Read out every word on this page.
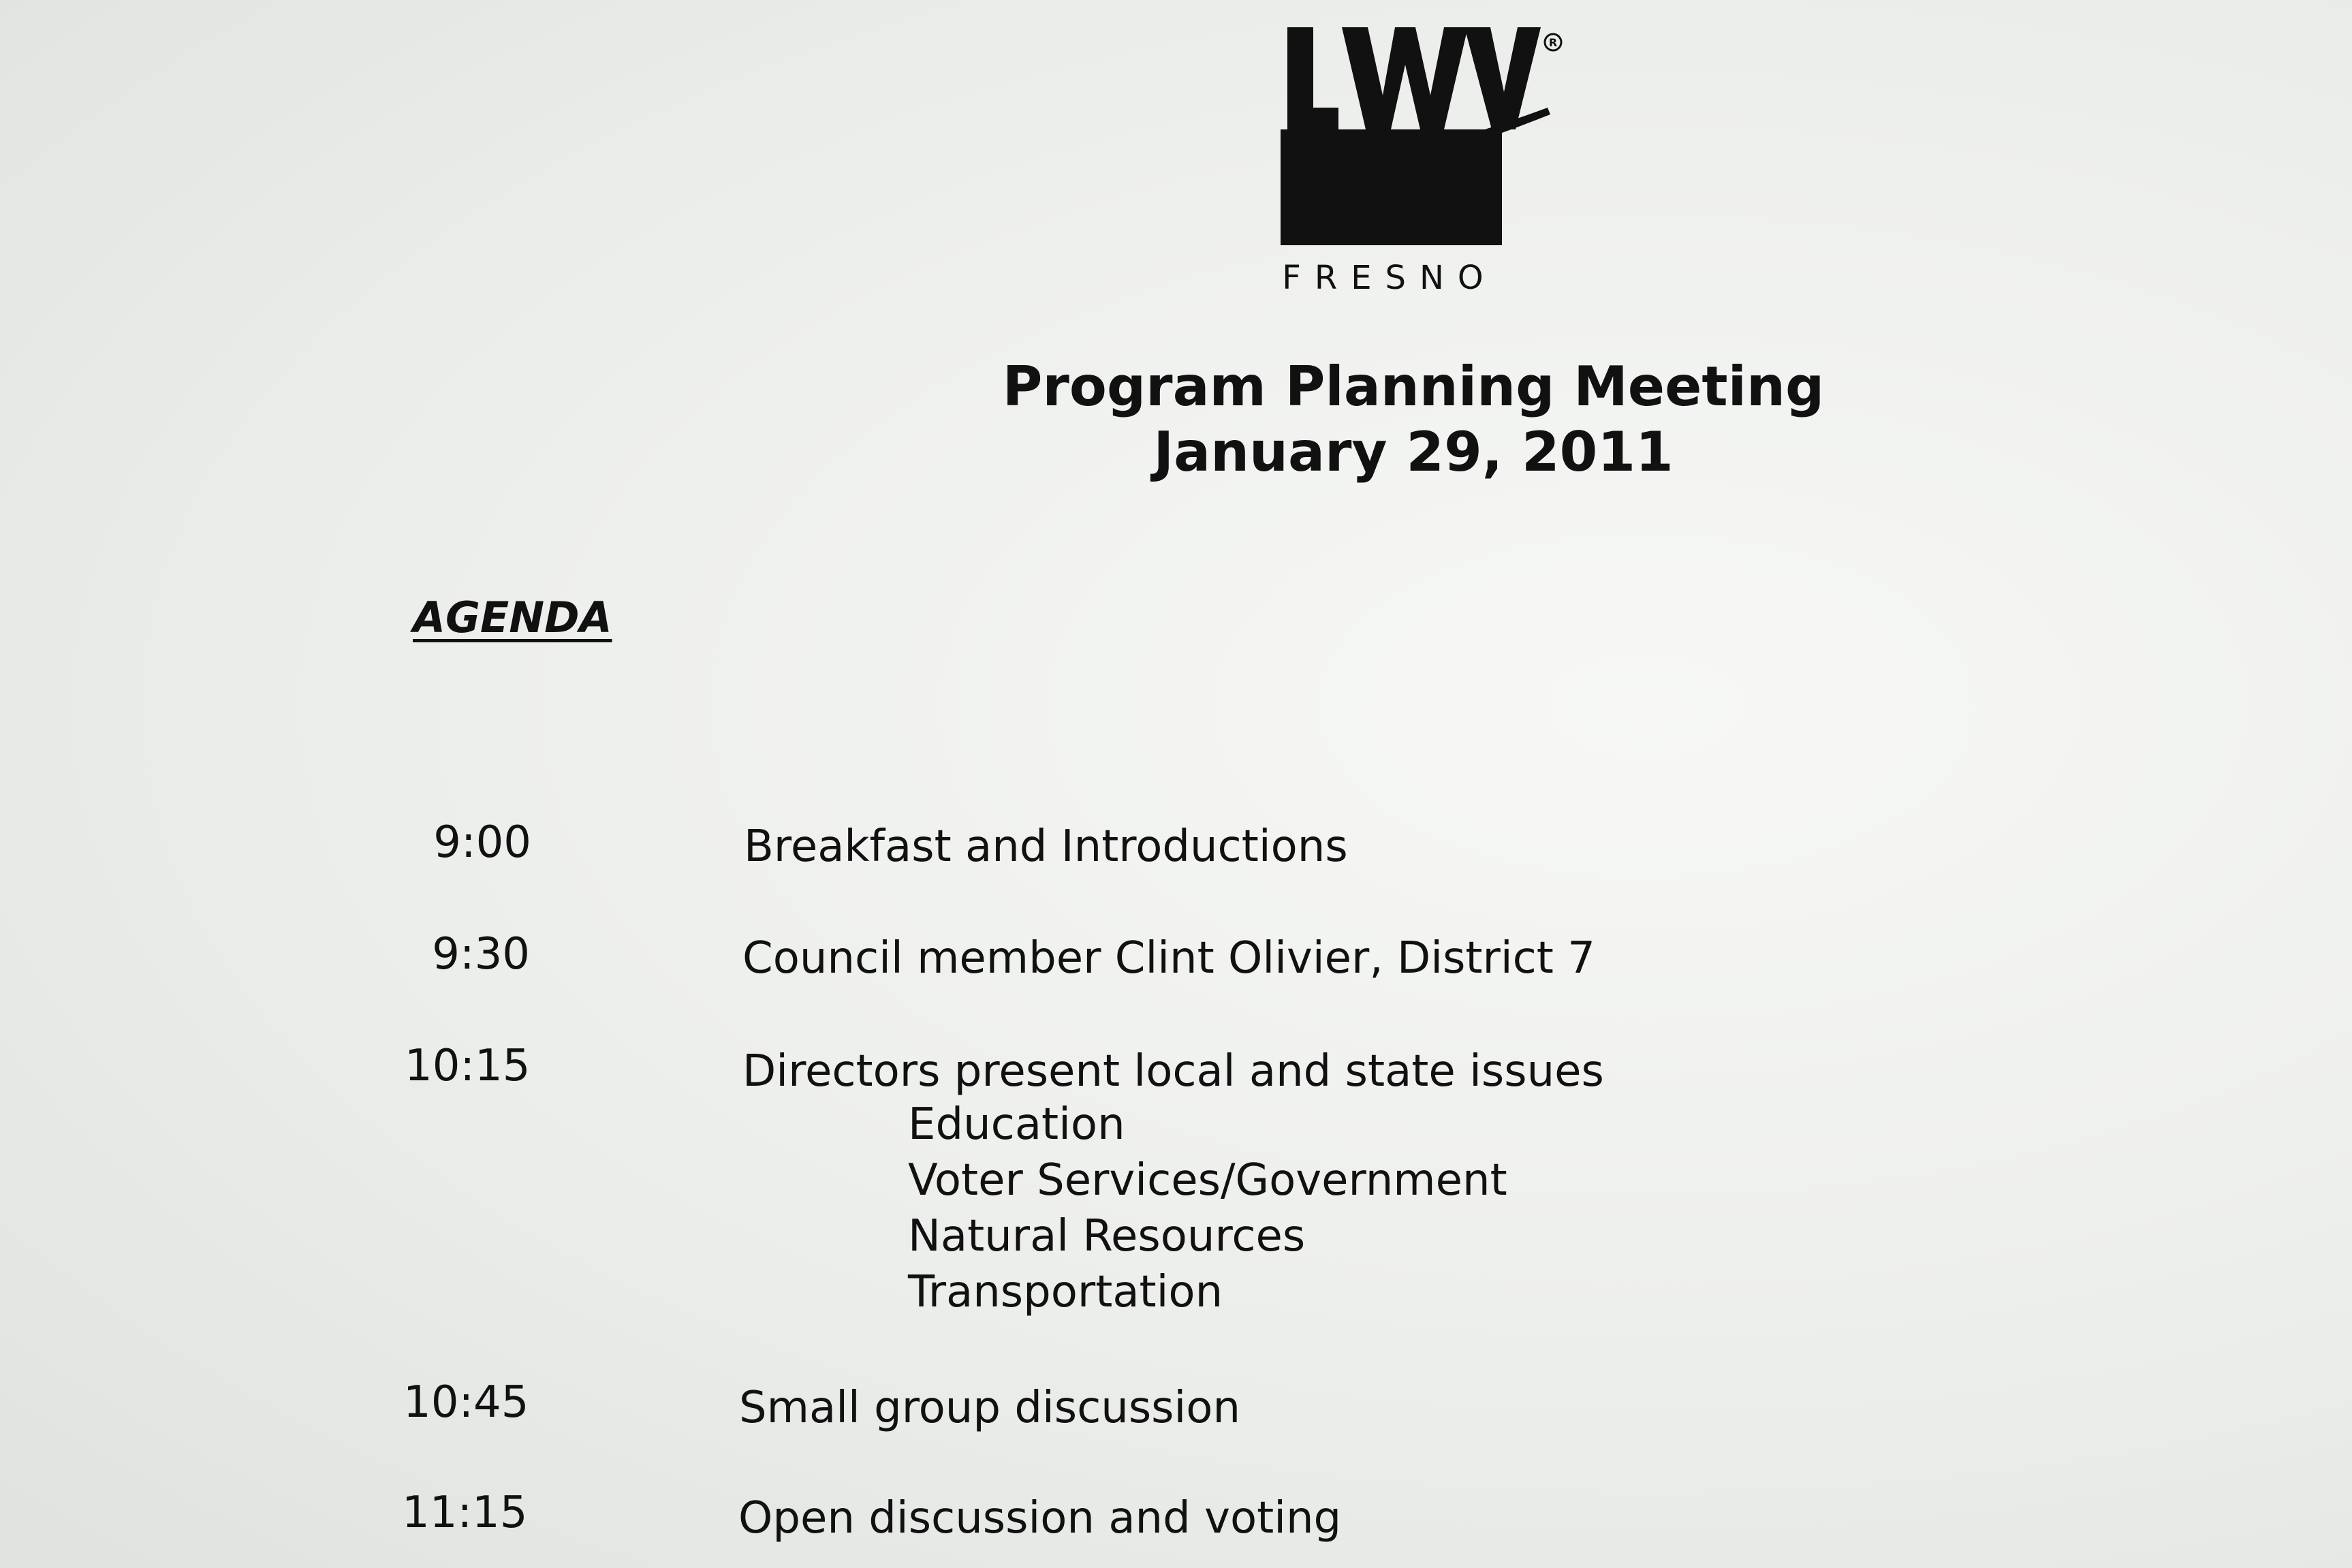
R
FRESNO
Program Planning Meeting
January 29, 2011
AGENDA
9:00	Breakfast and Introductions
9:30	Council member Clint Olivier, District 7
10:15	Directors present local and state issues
Education
Voter Services/Government
Natural Resources
Transportation
10:45	Small group discussion
11:15	Open discussion and voting
